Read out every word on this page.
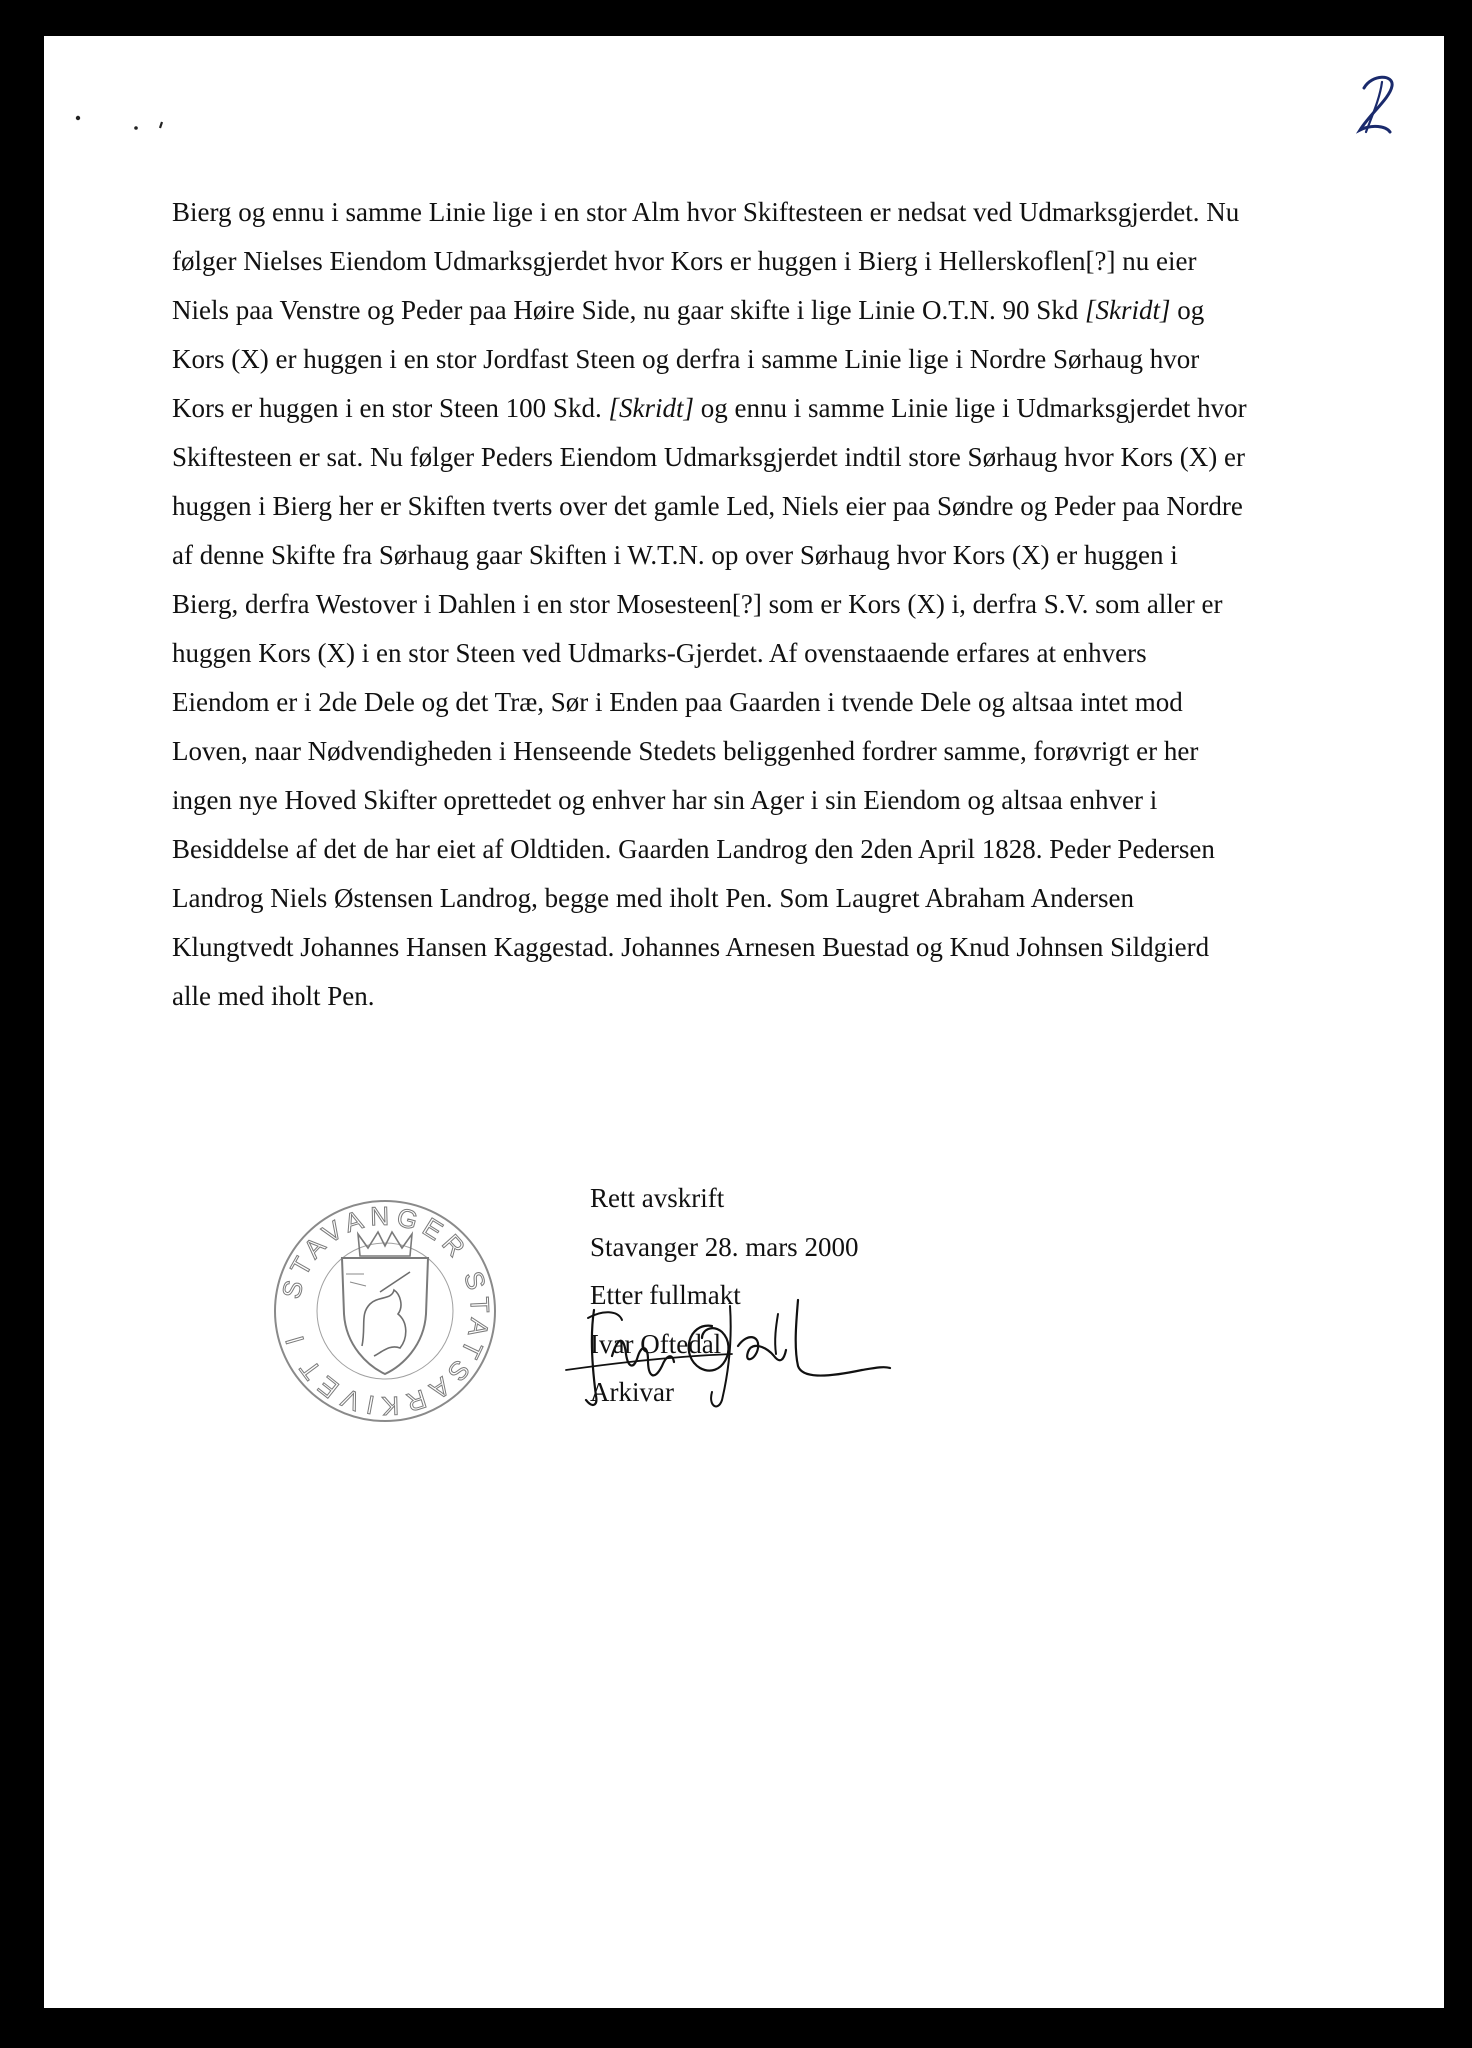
Bierg og ennu i samme Linie lige i en stor Alm hvor Skiftesteen er nedsat ved Udmarksgjerdet. Nu
følger Nielses Eiendom Udmarksgjerdet hvor Kors er huggen i Bierg i Hellerskoflen[?] nu eier
Niels paa Venstre og Peder paa Høire Side, nu gaar skifte i lige Linie O.T.N. 90 Skd [Skridt] og
Kors (X) er huggen i en stor Jordfast Steen og derfra i samme Linie lige i Nordre Sørhaug hvor
Kors er huggen i en stor Steen 100 Skd. [Skridt] og ennu i samme Linie lige i Udmarksgjerdet hvor
Skiftesteen er sat. Nu følger Peders Eiendom Udmarksgjerdet indtil store Sørhaug hvor Kors (X) er
huggen i Bierg her er Skiften tverts over det gamle Led, Niels eier paa Søndre og Peder paa Nordre
af denne Skifte fra Sørhaug gaar Skiften i W.T.N. op over Sørhaug hvor Kors (X) er huggen i
Bierg, derfra Westover i Dahlen i en stor Mosesteen[?] som er Kors (X) i, derfra S.V. som aller er
huggen Kors (X) i en stor Steen ved Udmarks-Gjerdet. Af ovenstaaende erfares at enhvers
Eiendom er i 2de Dele og det Træ, Sør i Enden paa Gaarden i tvende Dele og altsaa intet mod
Loven, naar Nødvendigheden i Henseende Stedets beliggenhed fordrer samme, forøvrigt er her
ingen nye Hoved Skifter oprettedet og enhver har sin Ager i sin Eiendom og altsaa enhver i
Besiddelse af det de har eiet af Oldtiden. Gaarden Landrog den 2den April 1828. Peder Pedersen
Landrog Niels Østensen Landrog, begge med iholt Pen. Som Laugret Abraham Andersen
Klungtvedt Johannes Hansen Kaggestad. Johannes Arnesen Buestad og Knud Johnsen Sildgierd
alle med iholt Pen.
STAVANGER STATSARKIVET I
Rett avskrift
Stavanger 28. mars 2000
Etter fullmakt
Ivar Oftedal
Arkivar
